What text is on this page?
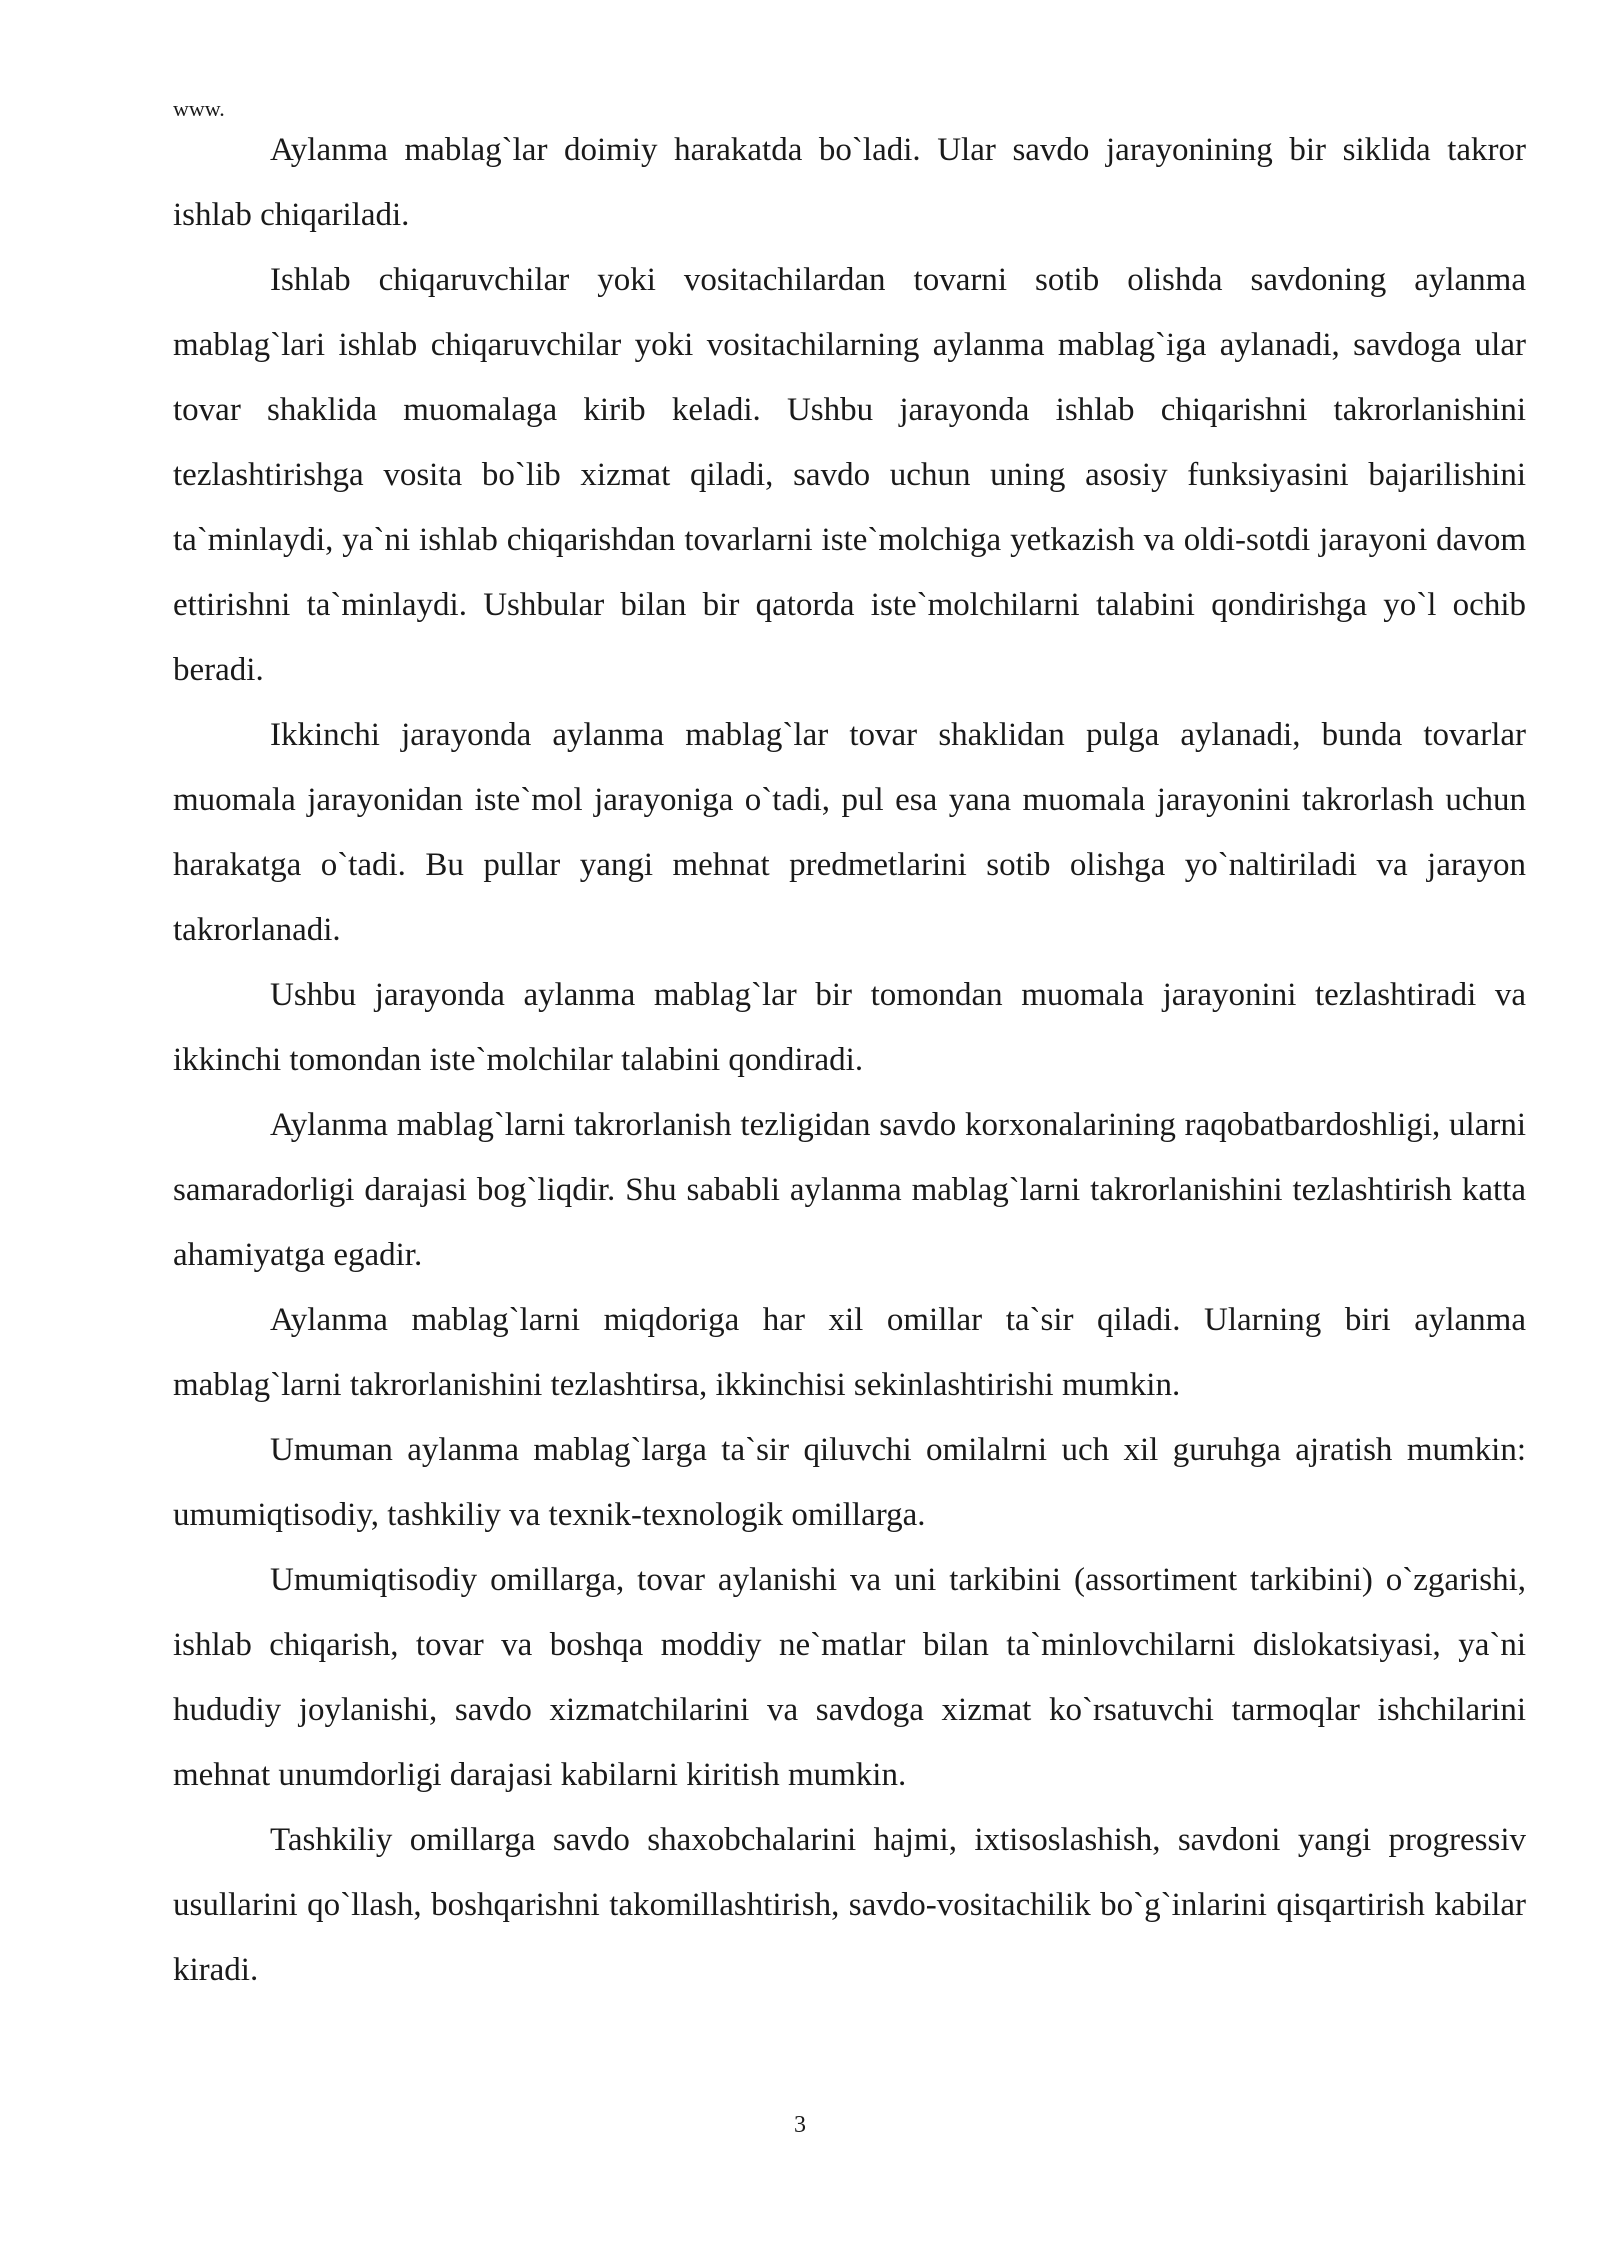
www.

Aylanma mablag`lar doimiy harakatda bo`ladi. Ular savdo jarayonining bir siklida takror ishlab chiqariladi.

Ishlab chiqaruvchilar yoki vositachilardan tovarni sotib olishda savdoning aylanma mablag`lari ishlab chiqaruvchilar yoki vositachilarning aylanma mablag`iga aylanadi, savdoga ular tovar shaklida muomalaga kirib keladi. Ushbu jarayonda ishlab chiqarishni takrorlanishini tezlashtirishga vosita bo`lib xizmat qiladi, savdo uchun uning asosiy funksiyasini bajarilishini ta`minlaydi, ya`ni ishlab chiqarishdan tovarlarni iste`molchiga yetkazish va oldi-sotdi jarayoni davom ettirishni ta`minlaydi. Ushbular bilan bir qatorda iste`molchilarni talabini qondirishga yo`l ochib beradi.

Ikkinchi jarayonda aylanma mablag`lar tovar shaklidan pulga aylanadi, bunda tovarlar muomala jarayonidan iste`mol jarayoniga o`tadi, pul esa yana muomala jarayonini takrorlash uchun harakatga o`tadi. Bu pullar yangi mehnat predmetlarini sotib olishga yo`naltiriladi va jarayon takrorlanadi.

Ushbu jarayonda aylanma mablag`lar bir tomondan muomala jarayonini tezlashtiradi va ikkinchi tomondan iste`molchilar talabini qondiradi.

Aylanma mablag`larni takrorlanish tezligidan savdo korxonalarining raqobatbardoshligi, ularni samaradorligi darajasi bog`liqdir. Shu sababli aylanma mablag`larni takrorlanishini tezlashtirish katta ahamiyatga egadir.

Aylanma mablag`larni miqdoriga har xil omillar ta`sir qiladi. Ularning biri aylanma mablag`larni takrorlanishini tezlashtirsa, ikkinchisi sekinlashtirishi mumkin.

Umuman aylanma mablag`larga ta`sir qiluvchi omilalrni uch xil guruhga ajratish mumkin: umumiqtisodiy, tashkiliy va texnik-texnologik omillarga.

Umumiqtisodiy omillarga, tovar aylanishi va uni tarkibini (assortiment tarkibini) o`zgarishi, ishlab chiqarish, tovar va boshqa moddiy ne`matlar bilan ta`minlovchilarni dislokatsiyasi, ya`ni hududiy joylanishi, savdo xizmatchilarini va savdoga xizmat ko`rsatuvchi tarmoqlar ishchilarini mehnat unumdorligi darajasi kabilarni kiritish mumkin.

Tashkiliy omillarga savdo shaxobchalarini hajmi, ixtisoslashish, savdoni yangi progressiv usullarini qo`llash, boshqarishni takomillashtirish, savdo-vositachilik bo`g`inlarini qisqartirish kabilar kiradi.

3
